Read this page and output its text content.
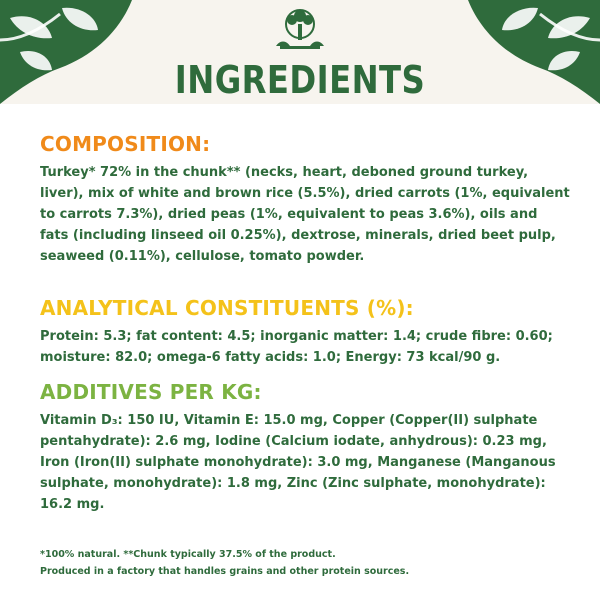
INGREDIENTS
COMPOSITION:

Turkey* 72% in the chunk** (necks, heart, deboned ground turkey, liver), mix of white and brown rice (5.5%), dried carrots (1%, equivalent to carrots 7.3%), dried peas (1%, equivalent to peas 3.6%), oils and fats (including linseed oil 0.25%), dextrose, minerals, dried beet pulp, seaweed (0.11%), cellulose, tomato powder.

ANALYTICAL CONSTITUENTS (%):

Protein: 5.3; fat content: 4.5; inorganic matter: 1.4; crude fibre: 0.60; moisture: 82.0; omega-6 fatty acids: 1.0; Energy: 73 kcal/90 g.

ADDITIVES PER KG:

Vitamin D₃: 150 IU, Vitamin E: 15.0 mg, Copper (Copper(II) sulphate pentahydrate): 2.6 mg, Iodine (Calcium iodate, anhydrous): 0.23 mg, Iron (Iron(II) sulphate monohydrate): 3.0 mg, Manganese (Manganous sulphate, monohydrate): 1.8 mg, Zinc (Zinc sulphate, monohydrate): 16.2 mg.

*100% natural. **Chunk typically 37.5% of the product.
Produced in a factory that handles grains and other protein sources.
